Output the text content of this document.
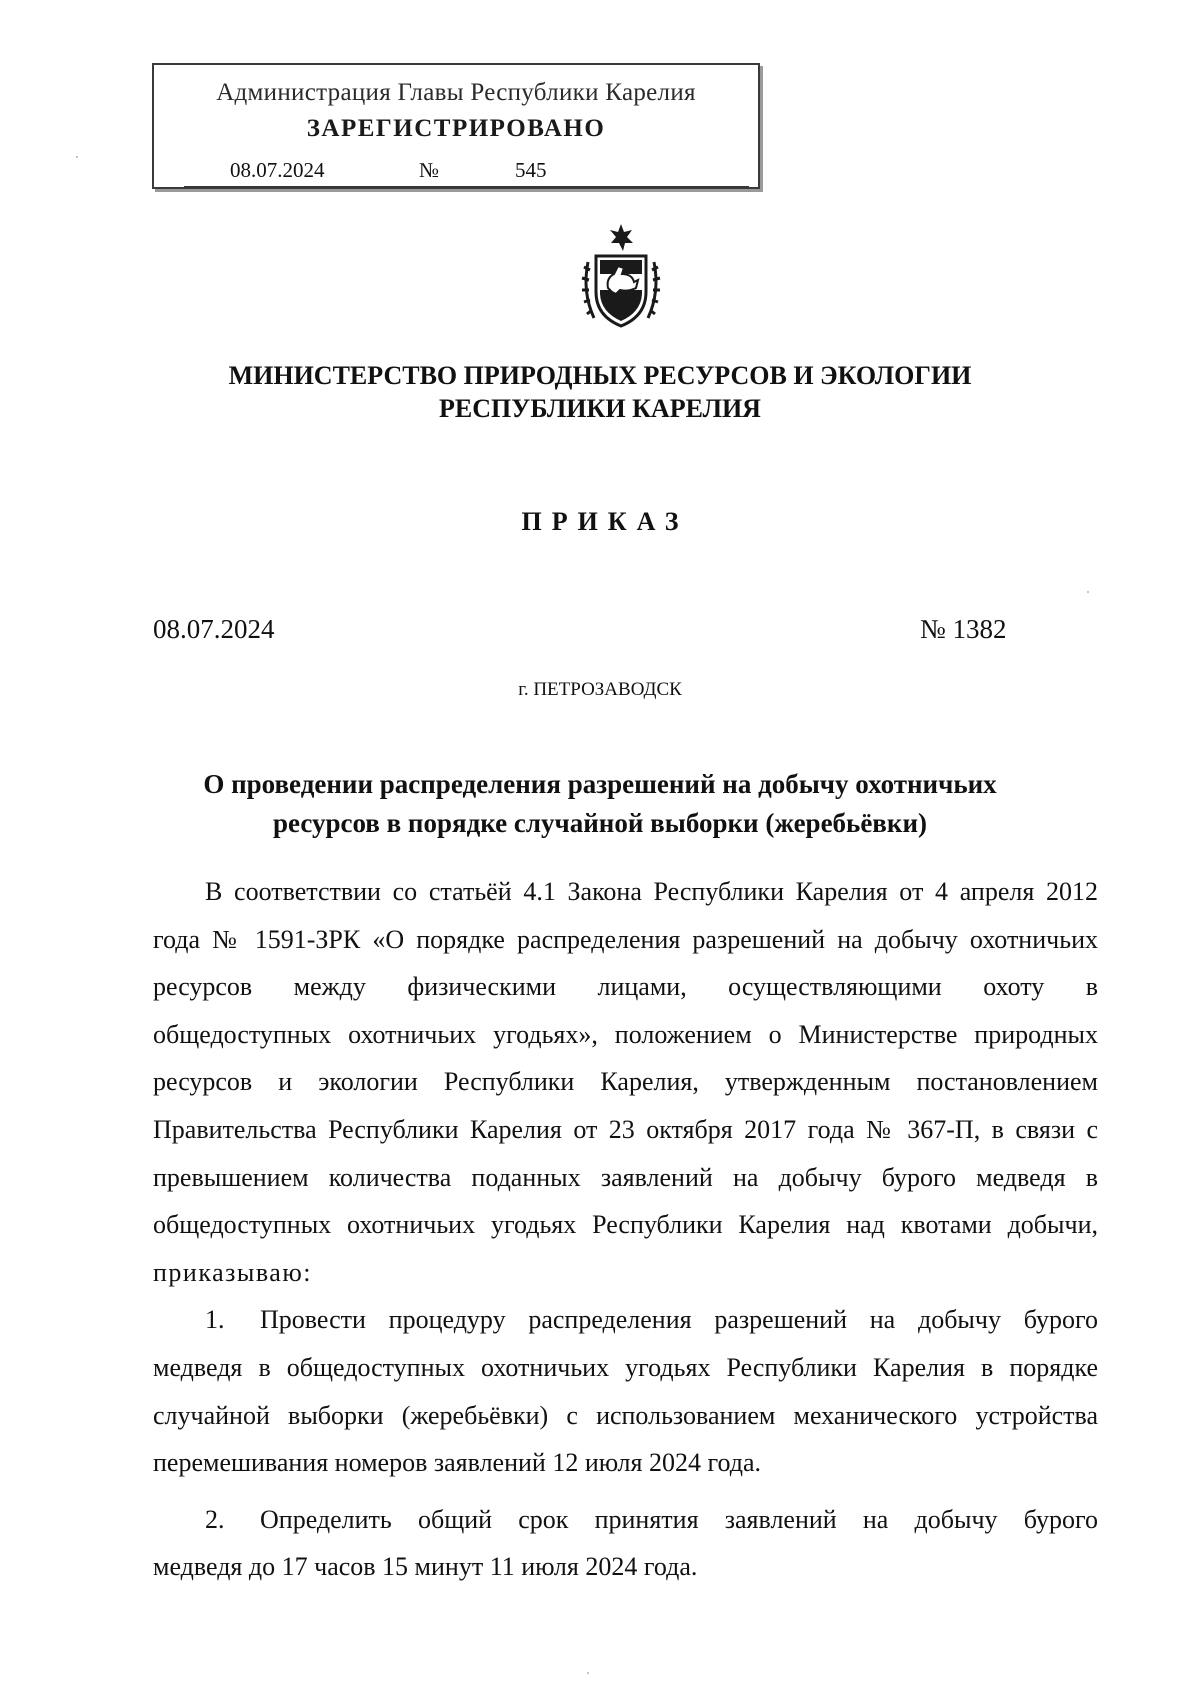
Администрация Главы Республики Карелия
ЗАРЕГИСТРИРОВАНО
08.07.2024	№	545
МИНИСТЕРСТВО ПРИРОДНЫХ РЕСУРСОВ И ЭКОЛОГИИ
РЕСПУБЛИКИ КАРЕЛИЯ
ПРИКАЗ
08.07.2024	№ 1382
г. ПЕТРОЗАВОДСК
О проведении распределения разрешений на добычу охотничьих
ресурсов в порядке случайной выборки (жеребьёвки)
В соответствии со статьёй 4.1 Закона Республики Карелия от 4 апреля 2012
года № 1591-ЗРК «О порядке распределения разрешений на добычу охотничьих
ресурсов между физическими лицами, осуществляющими охоту в
общедоступных охотничьих угодьях», положением о Министерстве природных
ресурсов и экологии Республики Карелия, утвержденным постановлением
Правительства Республики Карелия от 23 октября 2017 года № 367-П, в связи с
превышением количества поданных заявлений на добычу бурого медведя в
общедоступных охотничьих угодьях Республики Карелия над квотами добычи,
приказываю:
1. Провести процедуру распределения разрешений на добычу бурого
медведя в общедоступных охотничьих угодьях Республики Карелия в порядке
случайной выборки (жеребьёвки) с использованием механического устройства
перемешивания номеров заявлений 12 июля 2024 года.
2. Определить общий срок принятия заявлений на добычу бурого
медведя до 17 часов 15 минут 11 июля 2024 года.
